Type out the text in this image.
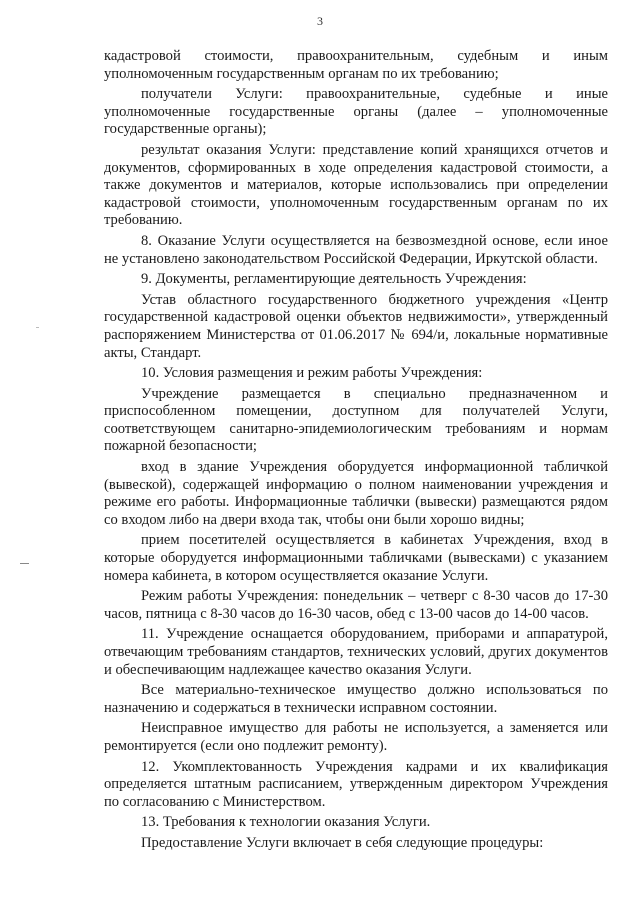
3

кадастровой стоимости, правоохранительным, судебным и иным уполномоченным государственным органам по их требованию;

получатели Услуги: правоохранительные, судебные и иные уполномоченные государственные органы (далее – уполномоченные государственные органы);

результат оказания Услуги: представление копий хранящихся отчетов и документов, сформированных в ходе определения кадастровой стоимости, а также документов и материалов, которые использовались при определении кадастровой стоимости, уполномоченным государственным органам по их требованию.

8. Оказание Услуги осуществляется на безвозмездной основе, если иное не установлено законодательством Российской Федерации, Иркутской области.

9. Документы, регламентирующие деятельность Учреждения:

Устав областного государственного бюджетного учреждения «Центр государственной кадастровой оценки объектов недвижимости», утвержденный распоряжением Министерства от 01.06.2017 № 694/и, локальные нормативные акты, Стандарт.

10. Условия размещения и режим работы Учреждения:

Учреждение размещается в специально предназначенном и приспособленном помещении, доступном для получателей Услуги, соответствующем санитарно-эпидемиологическим требованиям и нормам пожарной безопасности;

вход в здание Учреждения оборудуется информационной табличкой (вывеской), содержащей информацию о полном наименовании учреждения и режиме его работы. Информационные таблички (вывески) размещаются рядом со входом либо на двери входа так, чтобы они были хорошо видны;

прием посетителей осуществляется в кабинетах Учреждения, вход в которые оборудуется информационными табличками (вывесками) с указанием номера кабинета, в котором осуществляется оказание Услуги.

Режим работы Учреждения: понедельник – четверг с 8-30 часов до 17-30 часов, пятница с 8-30 часов до 16-30 часов, обед с 13-00 часов до 14-00 часов.

11. Учреждение оснащается оборудованием, приборами и аппаратурой, отвечающим требованиям стандартов, технических условий, других документов и обеспечивающим надлежащее качество оказания Услуги.

Все материально-техническое имущество должно использоваться по назначению и содержаться в технически исправном состоянии.

Неисправное имущество для работы не используется, а заменяется или ремонтируется (если оно подлежит ремонту).

12. Укомплектованность Учреждения кадрами и их квалификация определяется штатным расписанием, утвержденным директором Учреждения по согласованию с Министерством.

13. Требования к технологии оказания Услуги.

Предоставление Услуги включает в себя следующие процедуры:
